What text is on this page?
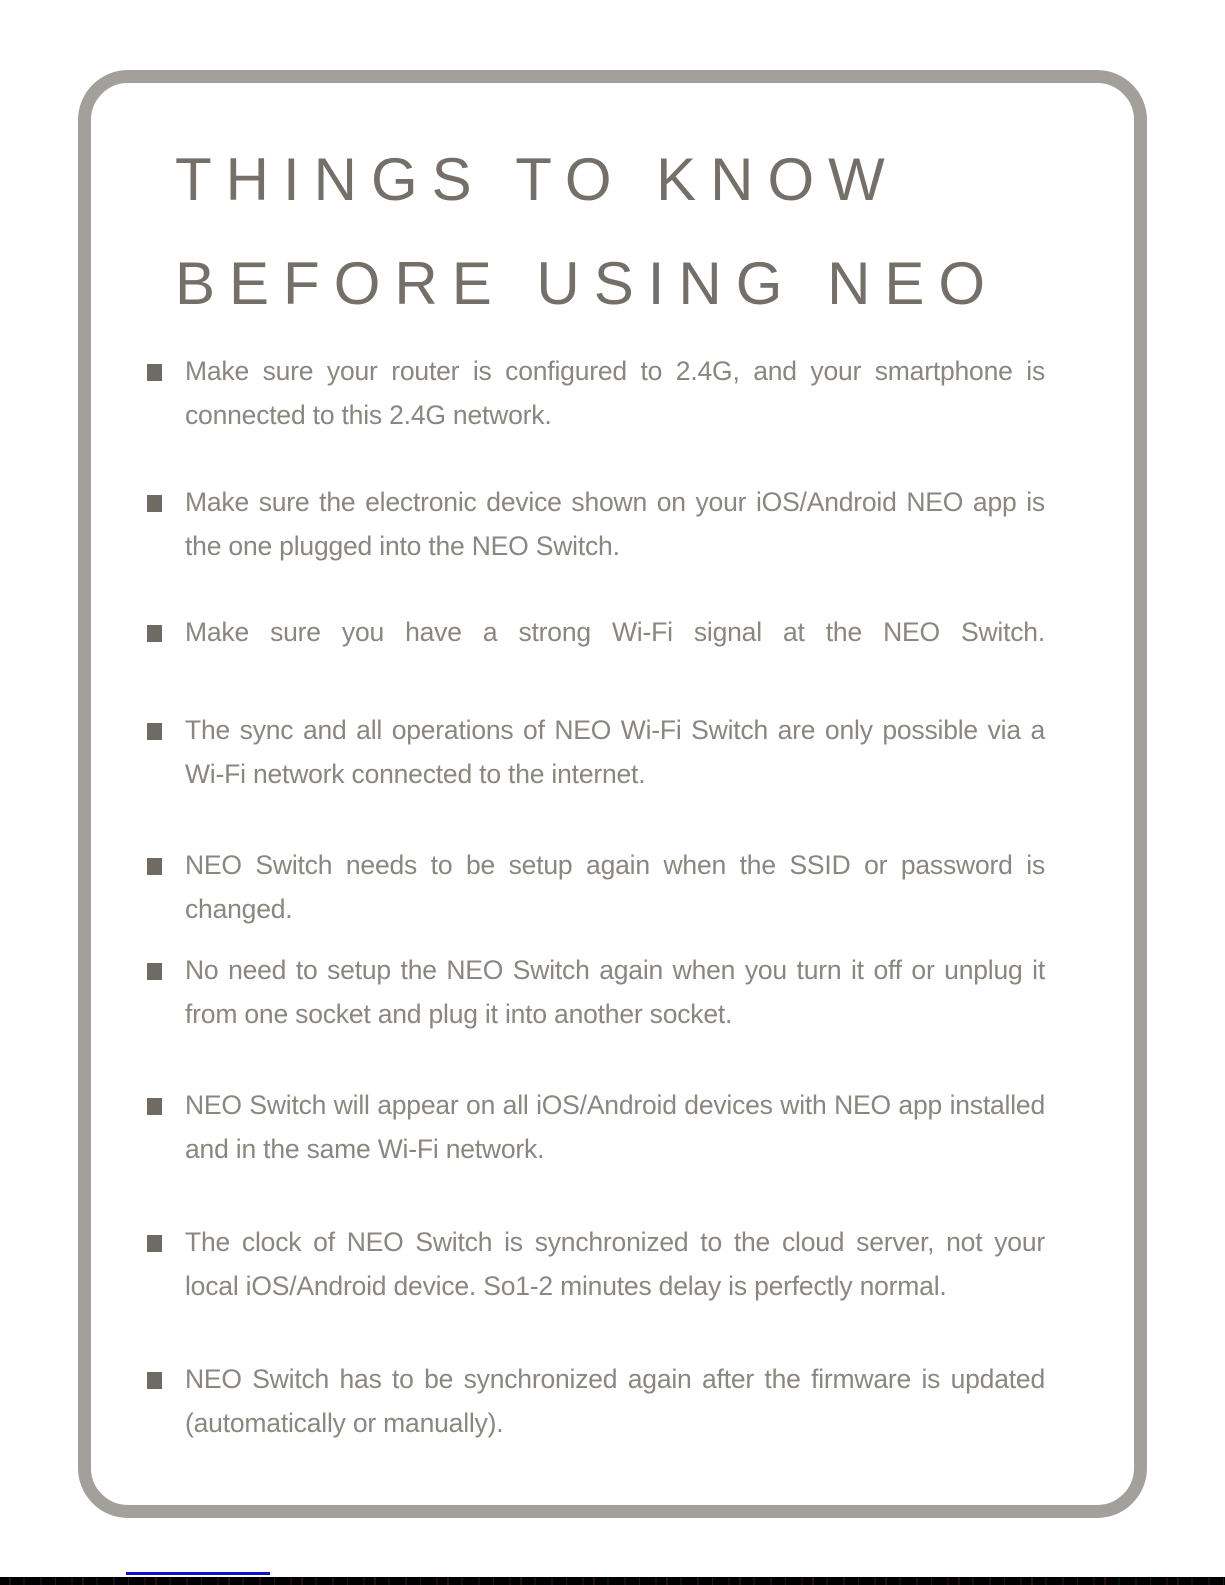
THINGS TO KNOW
BEFORE USING NEO

Make sure your router is configured to 2.4G, and your smartphone is connected to this 2.4G network.

Make sure the electronic device shown on your iOS/Android NEO app is the one plugged into the NEO Switch.

Make sure you have a strong Wi-Fi signal at the NEO Switch.

The sync and all operations of NEO Wi-Fi Switch are only possible via a Wi-Fi network connected to the internet.

NEO Switch needs to be setup again when the SSID or password is changed.

No need to setup the NEO Switch again when you turn it off or unplug it from one socket and plug it into another socket.

NEO Switch will appear on all iOS/Android devices with NEO app installed and in the same Wi-Fi network.

The clock of NEO Switch is synchronized to the cloud server, not your local iOS/Android device. So1-2 minutes delay is perfectly normal.

NEO Switch has to be synchronized again after the firmware is updated (automatically or manually).
